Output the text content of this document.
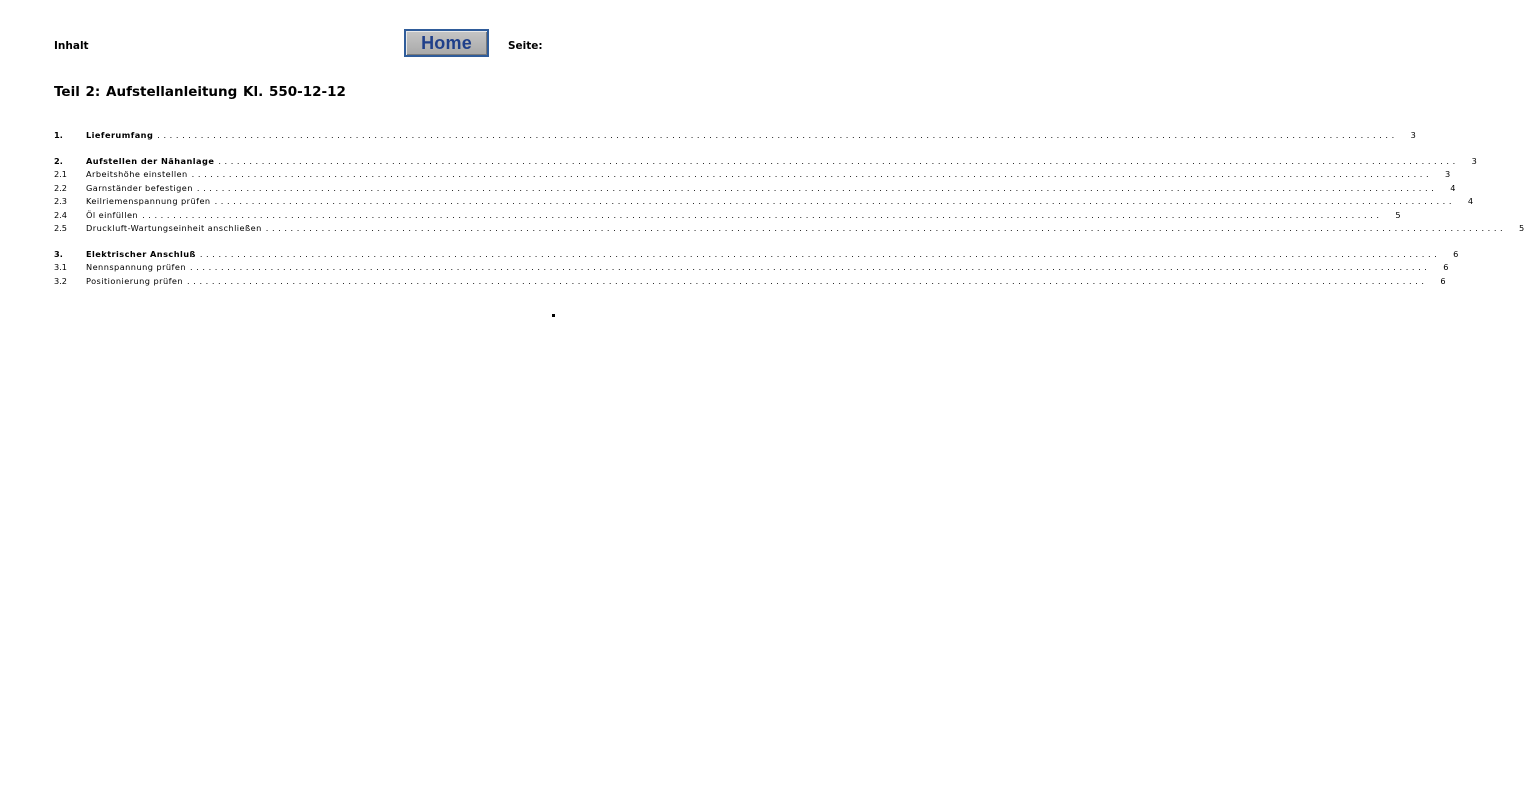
Inhalt	Home	Seite:
Teil 2: Aufstellanleitung Kl. 550-12-12
1.	Lieferumfang ........................................................................................................................................................................................................	3
2.	Aufstellen der Nähanlage ........................................................................................................................................................................................................	3
2.1	Arbeitshöhe einstellen ........................................................................................................................................................................................................	3
2.2	Garnständer befestigen ........................................................................................................................................................................................................	4
2.3	Keilriemenspannung prüfen ........................................................................................................................................................................................................	4
2.4	Öl einfüllen ........................................................................................................................................................................................................	5
2.5	Druckluft-Wartungseinheit anschließen ........................................................................................................................................................................................................	5
3.	Elektrischer Anschluß ........................................................................................................................................................................................................	6
3.1	Nennspannung prüfen ........................................................................................................................................................................................................	6
3.2	Positionierung prüfen ........................................................................................................................................................................................................	6
